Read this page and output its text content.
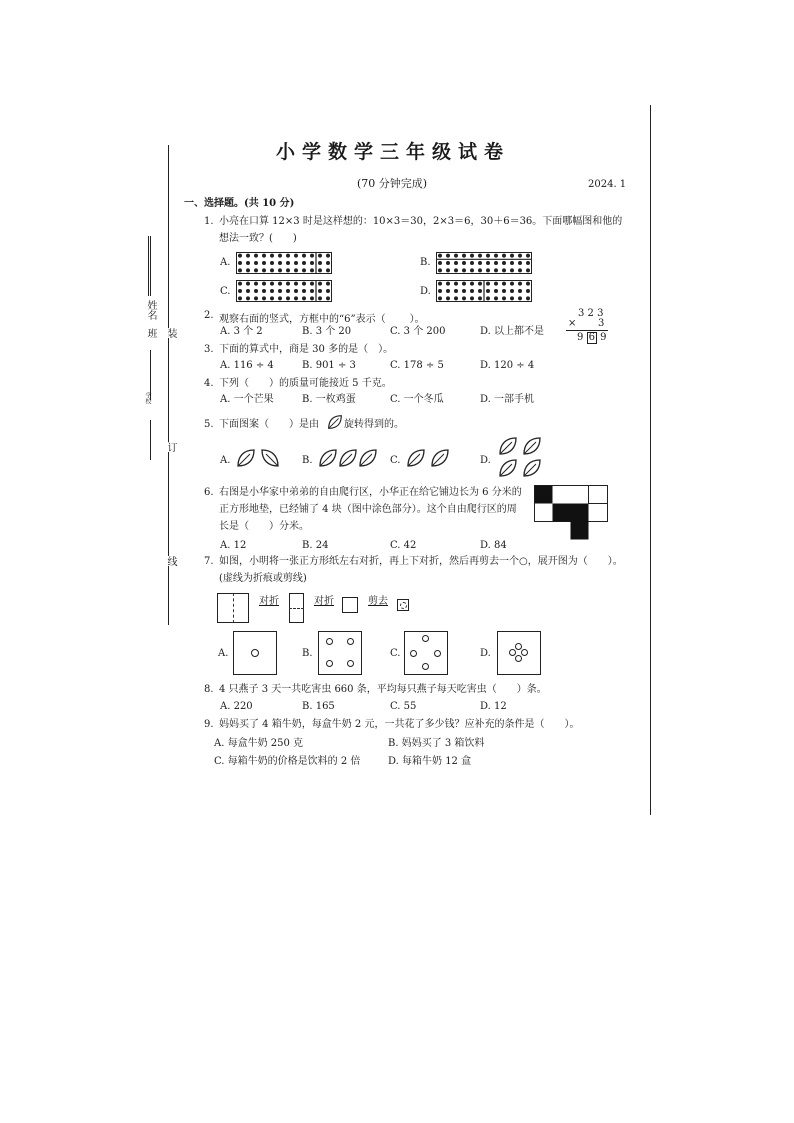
姓名
班
学校
装
订
线
小学数学三年级试卷
(70 分钟完成)	2024. 1
一、选择题。(共 10 分)
1. 小亮在口算 12×3 时是这样想的：10×3＝30，2×3＝6，30＋6＝36。下面哪幅图和他的
想法一致？(　　)
A.	B.
C.	D.
2. 观察右面的竖式，方框中的“6”表示（ ）。
A. 3 个 2	B. 3 个 20	C. 3 个 200	D. 以上都不是
3 2 3
× 3
9 6 9
3. 下面的算式中，商是 30 多的是（　）。
A. 116 ÷ 4	B. 901 ÷ 3	C. 178 ÷ 5	D. 120 ÷ 4
4. 下列（　　）的质量可能接近 5 千克。
A. 一个芒果	B. 一枚鸡蛋	C. 一个冬瓜	D. 一部手机
5. 下面图案（　　）是由	旋转得到的。
A.	B.	C.	D.
6. 右图是小华家中弟弟的自由爬行区，小华正在给它铺边长为 6 分米的
正方形地垫，已经铺了 4 块（图中涂色部分）。这个自由爬行区的周
长是（　　）分米。
A. 12	B. 24	C. 42	D. 84
7. 如图，小明将一张正方形纸左右对折，再上下对折，然后再剪去一个○，展开图为（　　）。
(虚线为折痕或剪线)
对折	对折	剪去
A.	B.	C.	D.
8. 4 只燕子 3 天一共吃害虫 660 条，平均每只燕子每天吃害虫（　　）条。
A. 220	B. 165	C. 55	D. 12
9. 妈妈买了 4 箱牛奶，每盒牛奶 2 元，一共花了多少钱？应补充的条件是（　　）。
A. 每盒牛奶 250 克	B. 妈妈买了 3 箱饮料
C. 每箱牛奶的价格是饮料的 2 倍	D. 每箱牛奶 12 盒
